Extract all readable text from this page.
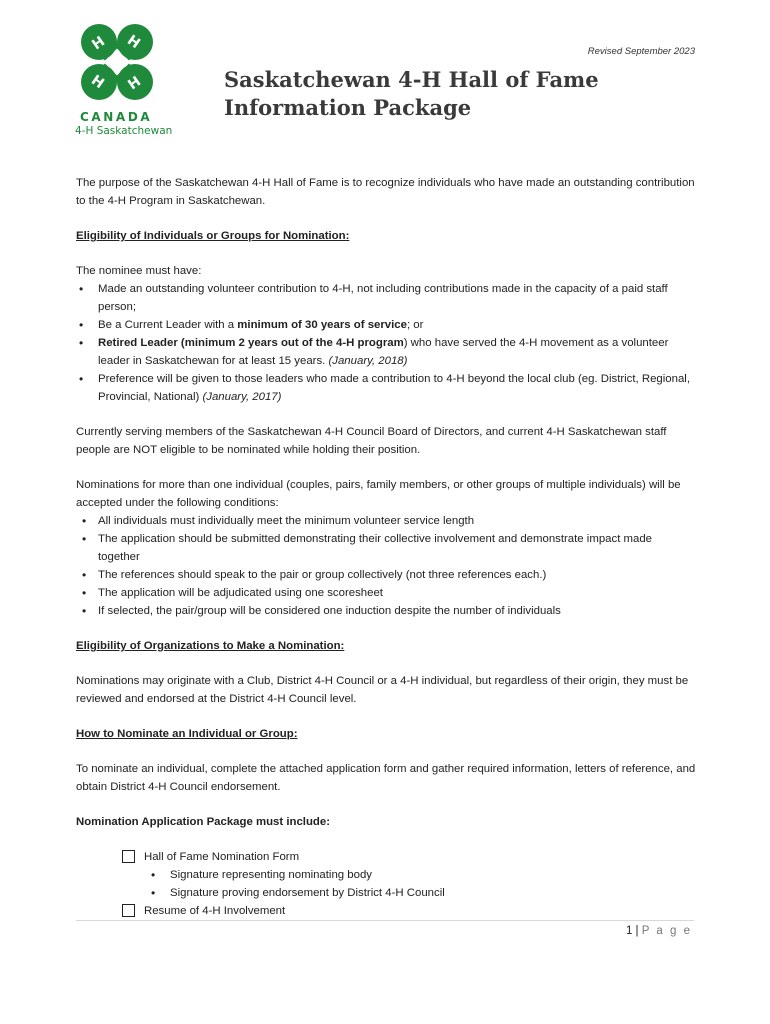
H H
H H
CANADA
4-H Saskatchewan
Revised September 2023
Saskatchewan 4-H Hall of Fame
Information Package

The purpose of the Saskatchewan 4-H Hall of Fame is to recognize individuals who have made an outstanding contribution to the 4-H Program in Saskatchewan.

Eligibility of Individuals or Groups for Nomination:
The nominee must have:
• Made an outstanding volunteer contribution to 4-H, not including contributions made in the capacity of a paid staff person;
• Be a Current Leader with a minimum of 30 years of service; or
• Retired Leader (minimum 2 years out of the 4-H program) who have served the 4-H movement as a volunteer leader in Saskatchewan for at least 15 years. (January, 2018)
• Preference will be given to those leaders who made a contribution to 4-H beyond the local club (eg. District, Regional, Provincial, National) (January, 2017)

Currently serving members of the Saskatchewan 4-H Council Board of Directors, and current 4-H Saskatchewan staff people are NOT eligible to be nominated while holding their position.

Nominations for more than one individual (couples, pairs, family members, or other groups of multiple individuals) will be accepted under the following conditions:
• All individuals must individually meet the minimum volunteer service length
• The application should be submitted demonstrating their collective involvement and demonstrate impact made together
• The references should speak to the pair or group collectively (not three references each.)
• The application will be adjudicated using one scoresheet
• If selected, the pair/group will be considered one induction despite the number of individuals
Eligibility of Organizations to Make a Nomination:

Nominations may originate with a Club, District 4-H Council or a 4-H individual, but regardless of their origin, they must be reviewed and endorsed at the District 4-H Council level.

How to Nominate an Individual or Group:

To nominate an individual, complete the attached application form and gather required information, letters of reference, and obtain District 4-H Council endorsement.

Nomination Application Package must include:
Hall of Fame Nomination Form
• Signature representing nominating body
• Signature proving endorsement by District 4-H Council
Resume of 4-H Involvement
1 | P a g e
